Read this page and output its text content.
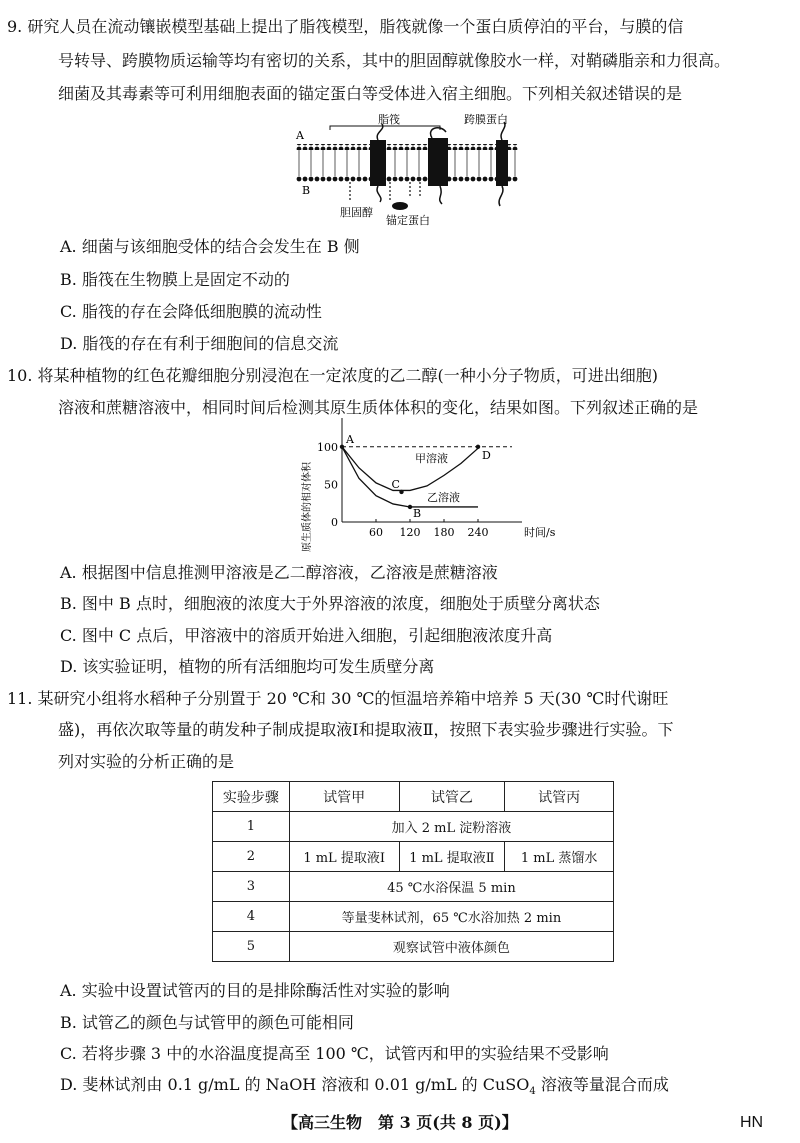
9. 研究人员在流动镶嵌模型基础上提出了脂筏模型，脂筏就像一个蛋白质停泊的平台，与膜的信
号转导、跨膜物质运输等均有密切的关系，其中的胆固醇就像胶水一样，对鞘磷脂亲和力很高。
细菌及其毒素等可利用细胞表面的锚定蛋白等受体进入宿主细胞。下列相关叙述错误的是
脂筏
A
B
跨膜蛋白
胆固醇
锚定蛋白
A. 细菌与该细胞受体的结合会发生在 B 侧
B. 脂筏在生物膜上是固定不动的
C. 脂筏的存在会降低细胞膜的流动性
D. 脂筏的存在有利于细胞间的信息交流
10. 将某种植物的红色花瓣细胞分别浸泡在一定浓度的乙二醇(一种小分子物质，可进出细胞)
溶液和蔗糖溶液中，相同时间后检测其原生质体体积的变化，结果如图。下列叙述正确的是
60 120 180 240
0
50
100
时间/s
原生质体的相对体积
甲溶液
乙溶液
A
B
C
D
A. 根据图中信息推测甲溶液是乙二醇溶液，乙溶液是蔗糖溶液
B. 图中 B 点时，细胞液的浓度大于外界溶液的浓度，细胞处于质壁分离状态
C. 图中 C 点后，甲溶液中的溶质开始进入细胞，引起细胞液浓度升高
D. 该实验证明，植物的所有活细胞均可发生质壁分离
11. 某研究小组将水稻种子分别置于 20 ℃和 30 ℃的恒温培养箱中培养 5 天(30 ℃时代谢旺
盛)，再依次取等量的萌发种子制成提取液Ⅰ和提取液Ⅱ，按照下表实验步骤进行实验。下
列对实验的分析正确的是
实验步骤	试管甲	试管乙	试管丙
1	加入 2 mL 淀粉溶液		
2	1 mL 提取液Ⅰ	1 mL 提取液Ⅱ	1 mL 蒸馏水
3	45 ℃水浴保温 5 min		
4	等量斐林试剂，65 ℃水浴加热 2 min		
5	观察试管中液体颜色		
A. 实验中设置试管丙的目的是排除酶活性对实验的影响
B. 试管乙的颜色与试管甲的颜色可能相同
C. 若将步骤 3 中的水浴温度提高至 100 ℃，试管丙和甲的实验结果不受影响
D. 斐林试剂由 0.1 g/mL 的 NaOH 溶液和 0.01 g/mL 的 CuSO$_4$ 溶液等量混合而成
【高三生物　第 3 页(共 8 页)】	HN
